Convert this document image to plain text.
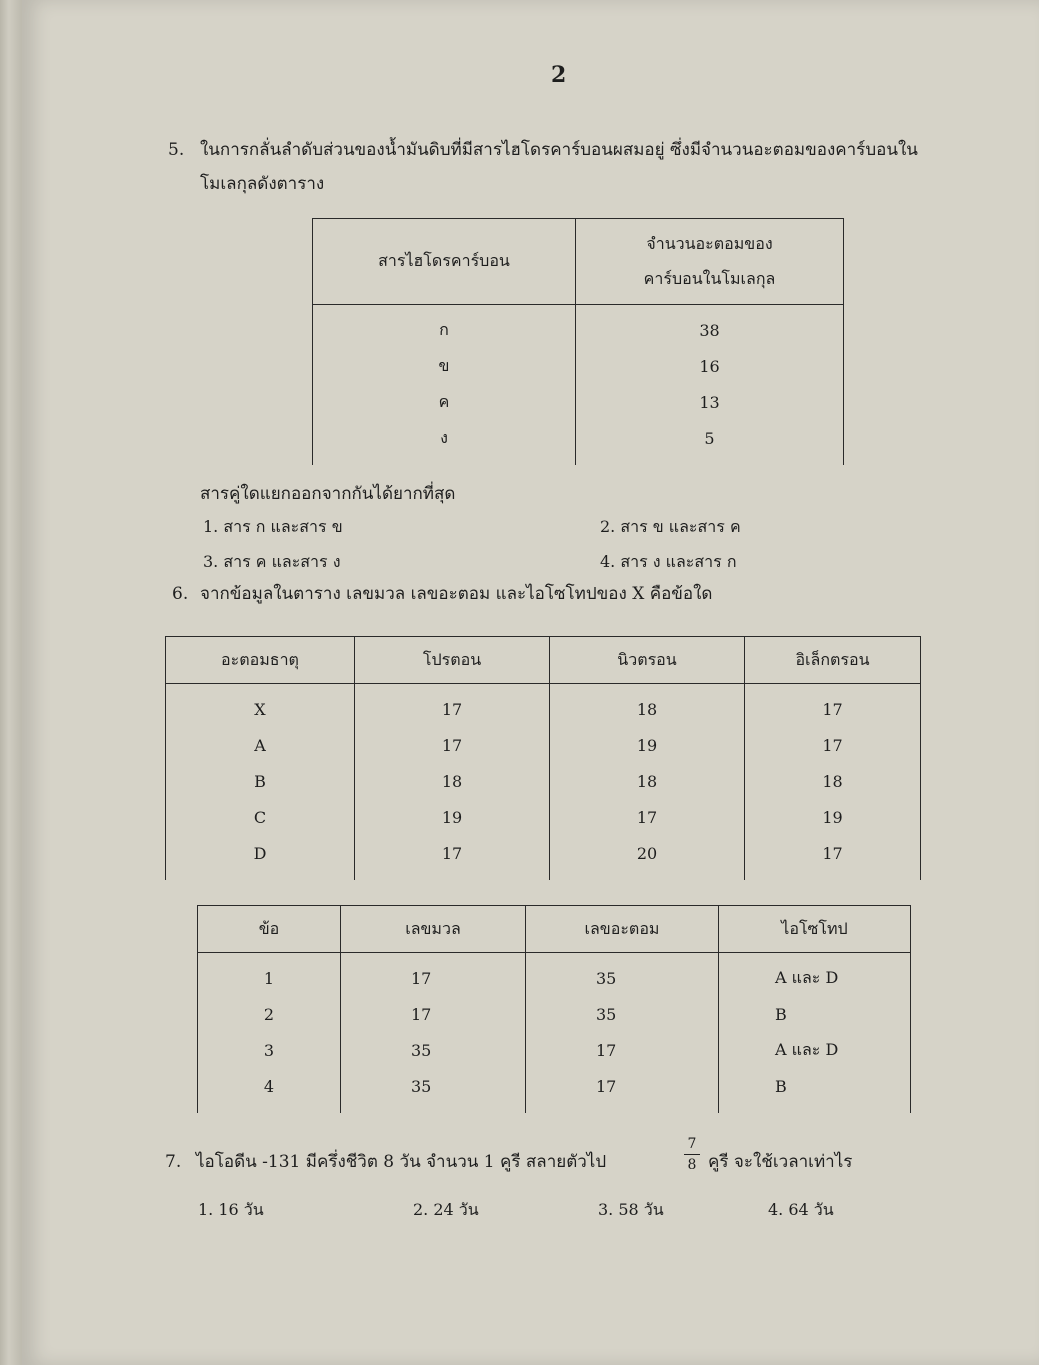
2
5. ในการกลั่นลำดับส่วนของน้ำมันดิบที่มีสารไฮโดรคาร์บอนผสมอยู่ ซึ่งมีจำนวนอะตอมของคาร์บอนใน
โมเลกุลดังตาราง
สารไฮโดรคาร์บอน	จำนวนอะตอมของ
คาร์บอนในโมเลกุล

ก	38
ข	16
ค	13
ง	5
สารคู่ใดแยกออกจากกันได้ยากที่สุด
1. สาร ก และสาร ข	2. สาร ข และสาร ค
3. สาร ค และสาร ง	4. สาร ง และสาร ก
6. จากข้อมูลในตาราง เลขมวล เลขอะตอม และไอโซโทปของ X คือข้อใด
อะตอมธาตุ	โปรตอน	นิวตรอน	อิเล็กตรอน
X	17	18	17
A	17	19	17
B	18	18	18
C	19	17	19
D	17	20	17
ข้อ	เลขมวล	เลขอะตอม	ไอโซโทป
1	17	35	A และ D
2	17	35	B
3	35	17	A และ D
4	35	17	B
7. ไอโอดีน -131 มีครึ่งชีวิต 8 วัน จำนวน 1 คูรี สลายตัวไป
7
8 คูรี จะใช้เวลาเท่าไร
1. 16 วัน	2. 24 วัน	3. 58 วัน	4. 64 วัน
